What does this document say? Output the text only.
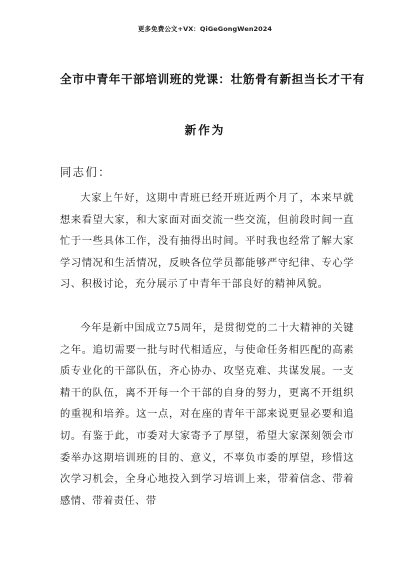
更多免费公文+VX：QiGeGongWen2024
全市中青年干部培训班的党课：壮筋骨有新担当长才干有
新作为
同志们：
大家上午好，这期中青班已经开班近两个月了，本来早就想来看望大家，和大家面对面交流一些交流，但前段时间一直忙于一些具体工作，没有抽得出时间。平时我也经常了解大家学习情况和生活情况，反映各位学员都能够严守纪律、专心学习、积极讨论，充分展示了中青年干部良好的精神风貌。
今年是新中国成立75周年，是贯彻党的二十大精神的关键之年。追切需要一批与时代相适应，与使命任务相匹配的高素质专业化的干部队伍，齐心协办、攻坚克难、共谋发展。一支精干的队伍，离不开每一个干部的自身的努力，更离不开组织的重视和培养。这一点，对在座的青年干部来说更显必要和追切。有鉴于此，市委对大家寄予了厚望，希望大家深刻领会市委举办这期培训班的目的、意义，不辜负市委的厚望，珍惜这次学习机会，全身心地投入到学习培训上来，带着信念、带着感情、带着责任、带
